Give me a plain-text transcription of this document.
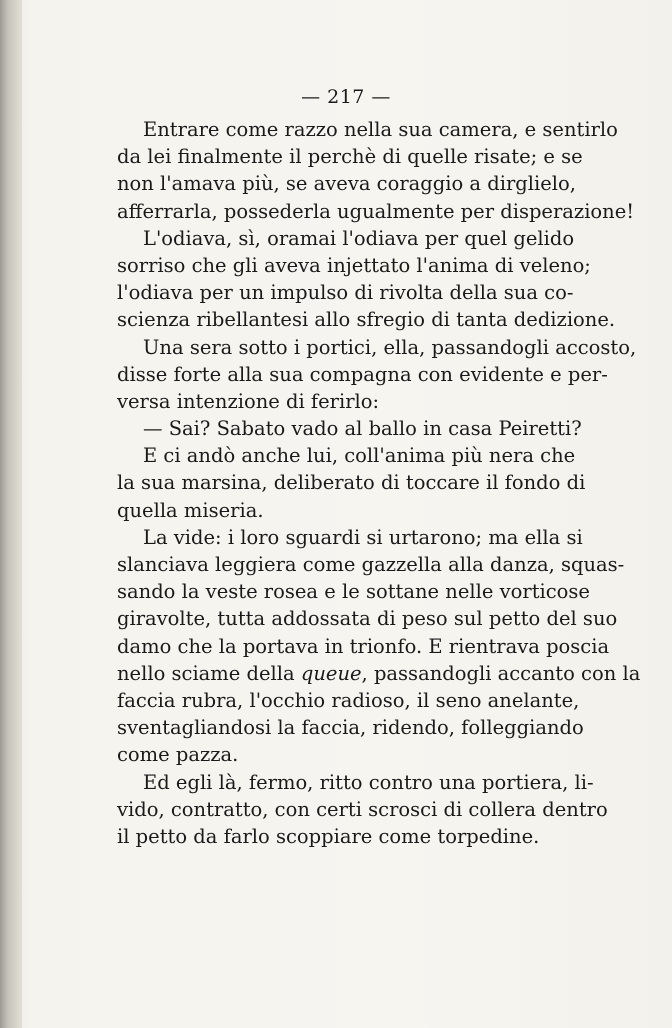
— 217 —
Entrare come razzo nella sua camera, e sentirlo
da lei finalmente il perchè di quelle risate; e se
non l'amava più, se aveva coraggio a dirglielo,
afferrarla, possederla ugualmente per disperazione!
L'odiava, sì, oramai l'odiava per quel gelido
sorriso che gli aveva injettato l'anima di veleno;
l'odiava per un impulso di rivolta della sua co-
scienza ribellantesi allo sfregio di tanta dedizione.
Una sera sotto i portici, ella, passandogli accosto,
disse forte alla sua compagna con evidente e per-
versa intenzione di ferirlo:
— Sai? Sabato vado al ballo in casa Peiretti?
E ci andò anche lui, coll'anima più nera che
la sua marsina, deliberato di toccare il fondo di
quella miseria.
La vide: i loro sguardi si urtarono; ma ella si
slanciava leggiera come gazzella alla danza, squas-
sando la veste rosea e le sottane nelle vorticose
giravolte, tutta addossata di peso sul petto del suo
damo che la portava in trionfo. E rientrava poscia
nello sciame della queue, passandogli accanto con la
faccia rubra, l'occhio radioso, il seno anelante,
sventagliandosi la faccia, ridendo, folleggiando
come pazza.
Ed egli là, fermo, ritto contro una portiera, li-
vido, contratto, con certi scrosci di collera dentro
il petto da farlo scoppiare come torpedine.
